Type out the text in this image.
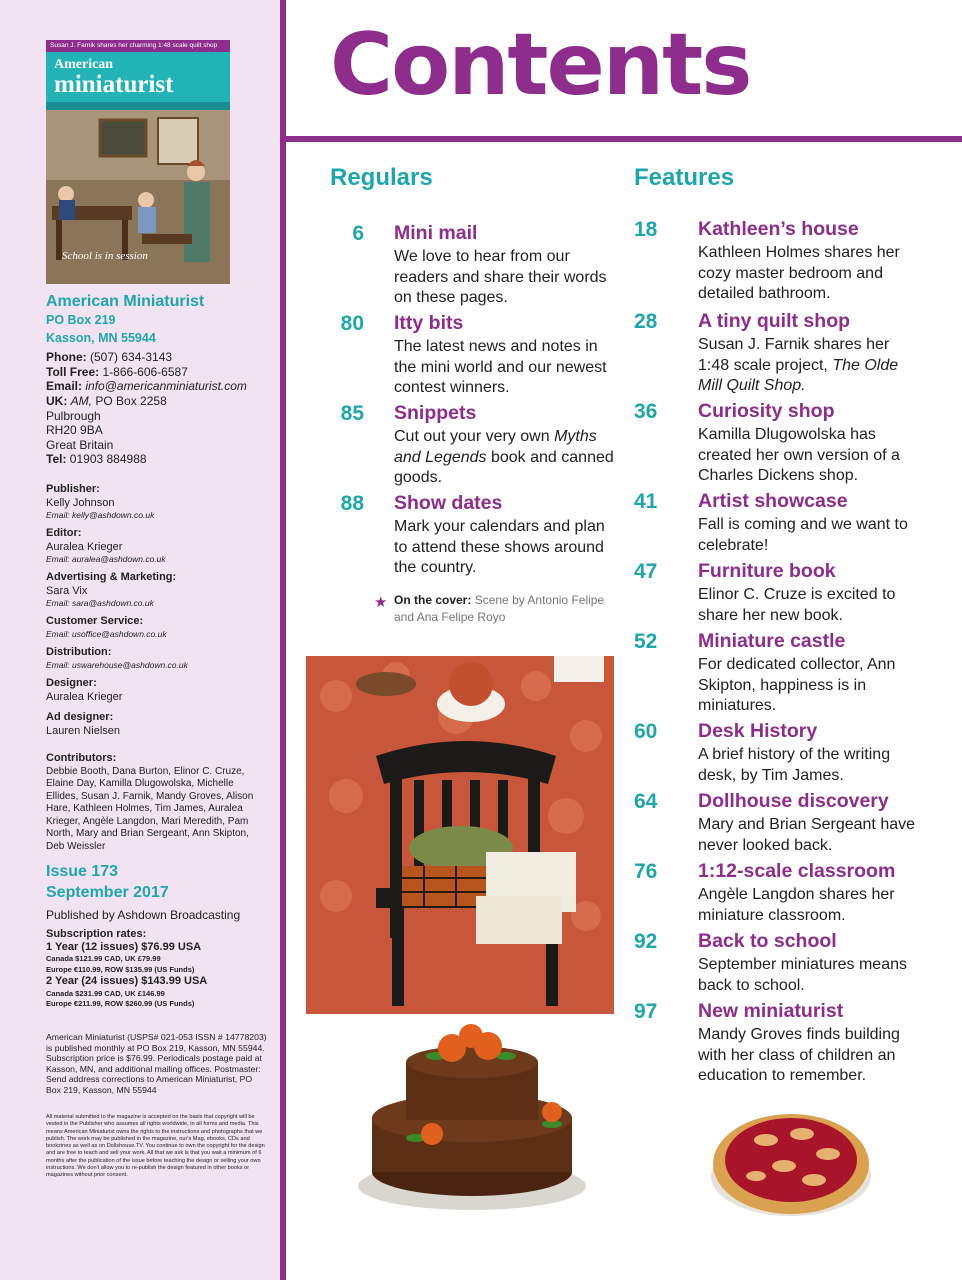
Susan J. Farnik shares her charming 1:48 scale quilt shop
American
miniaturist
School is in session
American Miniaturist
PO Box 219
Kasson, MN 55944
Phone: (507) 634-3143
Toll Free: 1-866-606-6587
Email: info@americanminiaturist.com
UK: AM, PO Box 2258
Pulbrough
RH20 9BA
Great Britain
Tel: 01903 884988
Publisher:
Kelly Johnson
Email: kelly@ashdown.co.uk
Editor:
Auralea Krieger
Email: auralea@ashdown.co.uk
Advertising & Marketing:
Sara Vix
Email: sara@ashdown.co.uk
Customer Service:
Email: usoffice@ashdown.co.uk
Distribution:
Email: uswarehouse@ashdown.co.uk
Designer:
Auralea Krieger
Ad designer:
Lauren Nielsen
Contributors:
Debbie Booth, Dana Burton, Elinor C. Cruze, Elaine Day, Kamilla Dlugowolska, Michelle Ellides, Susan J. Farnik, Mandy Groves, Alison Hare, Kathleen Holmes, Tim James, Auralea Krieger, Angèle Langdon, Mari Meredith, Pam North, Mary and Brian Sergeant, Ann Skipton, Deb Weissler
Issue 173
September 2017
Published by Ashdown Broadcasting
Subscription rates:
1 Year (12 issues) $76.99 USA
Canada $121.99 CAD, UK £79.99
Europe €110.99, ROW $135.99 (US Funds)
2 Year (24 issues) $143.99 USA
Canada $231.99 CAD, UK £146.99
Europe €211.99, ROW $260.99 (US Funds)
American Miniaturist (USPS# 021-053 ISSN # 14778203) is published monthly at PO Box 219, Kasson, MN 55944. Subscription price is $76.99. Periodicals postage paid at Kasson, MN, and additional mailing offices. Postmaster: Send address corrections to American Miniaturist, PO Box 219, Kasson, MN 55944
All material submitted to the magazine is accepted on the basis that copyright will be vested in the Publisher who assumes all rights worldwide, in all forms and media. This means American Miniaturist owns the rights to the instructions and photographs that we publish. The work may be published in the magazine, our's Mag, ebooks, CDs and bookzines as well as on Dollshouse.TV. You continue to own the copyright for the design and are free to teach and sell your work. All that we ask is that you wait a minimum of 6 months after the publication of the issue before teaching the design or selling your own instructions. We don't allow you to re-publish the design featured in other books or magazines without prior consent.
Contents
Regulars	Features
6 Mini mail
We love to hear from our readers and share their words on these pages.
80 Itty bits
The latest news and notes in the mini world and our newest contest winners.
85 Snippets
Cut out your very own Myths and Legends book and canned goods.
88 Show dates
Mark your calendars and plan to attend these shows around the country.
★ On the cover: Scene by Antonio Felipe and Ana Felipe Royo
18 Kathleen’s house
Kathleen Holmes shares her cozy master bedroom and detailed bathroom.
28 A tiny quilt shop
Susan J. Farnik shares her 1:48 scale project, The Olde Mill Quilt Shop.
36 Curiosity shop
Kamilla Dlugowolska has created her own version of a Charles Dickens shop.
41 Artist showcase
Fall is coming and we want to celebrate!
47 Furniture book
Elinor C. Cruze is excited to share her new book.
52 Miniature castle
For dedicated collector, Ann Skipton, happiness is in miniatures.
60 Desk History
A brief history of the writing desk, by Tim James.
64 Dollhouse discovery
Mary and Brian Sergeant have never looked back.
76 1:12-scale classroom
Angèle Langdon shares her miniature classroom.
92 Back to school
September miniatures means back to school.
97 New miniaturist
Mandy Groves finds building with her class of children an education to remember.
